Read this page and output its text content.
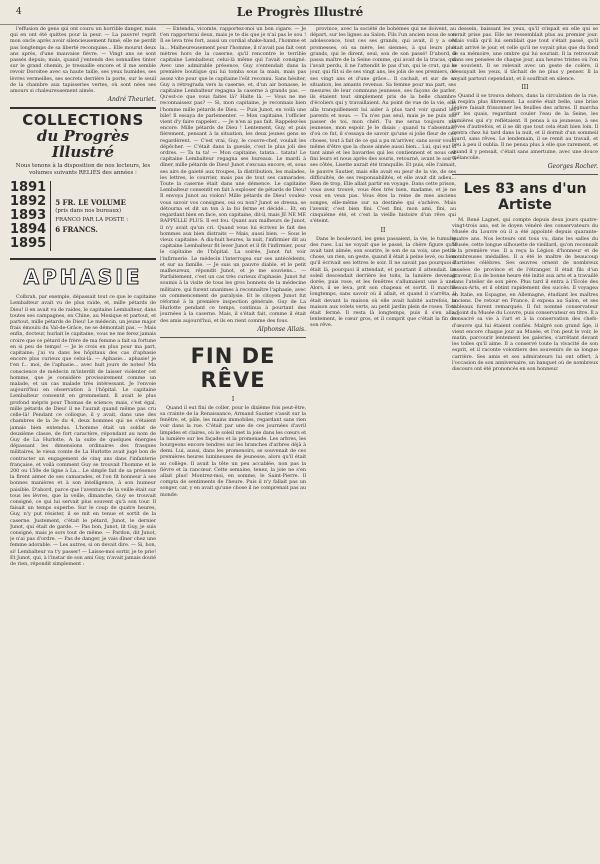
4	Le Progrès Illustré

l'effusion de gens qui ont couru un horrible danger, mais qui en ont été quittes pour la peur. — La pauvre! reprit mon oncle après avoir silencieusement fumé, elle ne perdit pas longtemps de sa liberté reconquise... Elle mourut deux ans après, d'une mauvaise fièvre. — Vingt ans se sont passés depuis; mais, quand j'entends des sonnailles tinter sur le grand chemin, je tressaille encore et il me semble revoir Doroitee avec sa haute taille, ses yeux humides, ses lèvres vermeilles, ses secrets derrière la porte, sur le seuil de la chambre aux tapisseries vertes, où sont nées ses amours si chaleureusement aimés.

André Theuriet.
COLLECTIONS
du Progrès Illustré
Nous tenons à la disposition de nos lecteurs, les volumes suivants RELIÉS des années :
1891
1892
1893
1894
1895
5 FR. LE VOLUME
(pris dans nos bureaux)
FRANCO PAR LA POSTE :
6 FRANCS.
APHASIE

Colbrah, par exemple, dépassait tout ce que le capitaine Lembalteur avait vu de plus raide, et, mille pétards de Dieu! il en avait vu de raides, le capitaine Lembalteur, dans toutes ses campagnes, en Chine, au Mexique et partout, et partout, mille pétards de Dieu! Le médecin, un jeune major frais émoulu du Val-de-Grâce, ne se démontait pas. — Mais enfin, docteur, hurlait le capitaine, vous ne me ferez jamais croire que ce pétard de frère de ma femme a fait sa fortune en si peu de temps! — Je le crois en plus pour ma part, capitaine; j'ai vu dans les hôpitaux des cas d'aphasie encore plus curieux que celui-là. — Aphasie... aphasie! je t'en f... moi, de l'aphasie... avec huit jours de notes! Ma conscience de médecin m'interdit de laisser violenter cet homme, que je considère provisoirement comme un malade, et un cas malade très intéressant. Je l'envoie aujourd'hui en observation à l'hôpital. Le capitaine Lembalteur consentit en grommelant. Il avait le plus profond mépris pour Thomas de science; mais, c'est égal, mille pétards de Dieu! il ne l'aurait quand même pas cru celle-là! Pendant ce colloque, il y avait, dans une des chambres de la 3e du 4, deux hommes qui ne s'étaient jamais bien entendus. L'homme était un soldat de deuxième classe, de fort caractère, répondant au nom de Guy de La Hurlotte. A la suite de quelques énergies dépassant les dimensions ordinaires des frasques militaires, le vieux comte de La Hurlotte avait jugé bon de contracter un engagement de cinq ans dans l'infanterie française, et voilà comment Guy se trouvait l'homme et le 200 ou 150e de ligne à La... Le simple fait de sa présence la firent aimer de ses camarades, et l'on fit honneur à ses bonnes manières et à son intelligence, à son humeur paisible. D'abord, parce que l'aventure de la veille était sur tous les lèvres, que la veille, dimanche, Guy se trouvait consigné, ce qui lui servait plus souvent qu'à son tour. Il faisait un temps superbe. Sur le coup de quatre heures, Guy, n'y put résister, il se mit en tenue et sortit de la caserne. Justement, c'était le pétard, Junot, le dernier Junot, qui était de garde. — Pas bon, Junot, lit Guy, je suis consigné, mais je sors tout de même. — Pardon, dit Junot, je n'ai pas d'ordre. — Pas de danger, je vais dîner chez une femme adorable. — Les autres, si on devait dire. — Si, bon, si! Lembalteur va t'y passer! — Laisse-moi sortir, je te prie! Et Junot, qui, à l'instar de son ami Guy, n'avait jamais douté de rien, répondit simplement :

— Entendu, vicomte, rapportez-moi un bon cigare. — Je t'en rapporterai deux, mais je te dis que je n'ai pas le sou ! Il se leva très fort, aussi un cordial shake-hand, l'homme et la... Malheureusement pour l'homme, il n'avait pas fait cent mètres hors de la caserne, qu'il rencontre le terrible capitaine Lembalteur, celui-là même qui l'avait consigné. Avec une admirable présence, Guy s'entendait dans la première boutique qui lui tomba sous la main, mais pas assez vite pour que le capitaine l'eût reconnu. Sans hésiter, Guy a rétrograda vers la caserne, et, d'un air bonasse, le capitaine Lembalteur regagna la caserne à grands pas. — Qu'est-ce que vous faites là? Halte là. — Vous ne me reconnaissez pas? — Si, mon capitaine, je reconnais bien l'homme mille pétards de Dieu. — Puis Junot, en voilà une bile! Il essaya de parlementer. — Mon capitaine, l'officier vient d'y faire rappeler... — Je n'en ai pas fait. Rappelez-les encore. Mille pétards de Dieu ! Lentement, Guy, et puis fièrement, pensant à la situation, les deux jeunes gens se regardèrent. — C'est vrai, Guy, le couvre-chef, voulait les dépêcher. — C'était dans la gueule, c'est le plus joli des ordres. — Ta ta ta! — Mon capitaine, tatata... tatata! Le capitaine Lembalteur regagna ses bureaux. Le mardi à dîner, mille pétards de Dieu! Junot s'excusa encore, et, sous ses airs de gaieté aux troupes, la distribution, les malades, les lettres, le courrier, mais pas de tout ses camarades. Toute la caserne était dans une démence. Le capitaine Lembalteur consentit en fait à exploser de pétards de Dieu! Il envoya Junot au violon! Mille pétards de Dieu! voulez-vous savoir vos consignes, oui ou non? Junot se dressa, se détourna et dit un ton à la foi ferme et décidé... Et, en regardant bien en face, son capitaine, dit-il, mais JE NE ME RAPPELLE PLUS. Il est fou. Quant aux malheurs de Junot, il n'y avait qu'un cri. Quand vous lui écrivez le fait des hommes aux bien distraits — Mais, aussi bien. — Sous le vieux capitaine. A dix-huit heures, la nuit, l'infirmier dit au capitaine Lembalteur fit lever Junot et il fit l'infirmier, pour le capitaine de l'hôpital. La soirée, Junot fut voir l'infirmerie. Le médecin l'interrogea sur ses antécédents, et sur sa famille. — Je suis un pauvre diable, et le petit malheureux, répondit Junot, et je me souviens... — Parfaitement, c'est un cas très curieux d'aphasie. Junot fut soumis à la visite de tous les gros bonnets de la médecine militaire, qui furent unanimes à reconnaître l'aphasie, avec un commencement de paralysie. Et le citoyen Junot fut réformé à la première inspection générale. Guy de La Hurlotte pendant ce temps, continua à pourtant des journées à la caserne. Mais, il s'était fait, comme il était des amis aujourd'hui, et ils en rient comme des fous.

Alphonse Allais.
FIN DE RÊVE
I

Quand il eut fini de coller, pour le dixième fois peut-être, sa crainte de la Renaissance, Armand Sautier s'assit sur la fenêtre, et, pâle, les mains immobiles, regardant sans rien voir dans la rue. C'était par une de ces journées d'avril limpides et claires, où le soleil met la joie dans les cœurs et la lumière sur les façades et la promenade. Les arbres, les bourgeons encore tendres sur les branches d'arbres déjà à demi. Lui, aussi, dans les promenoirs, se souvenait de ces premières heures lumineuses de jeunesse, alors qu'il était au collège. Il avait la tête un peu accablée, non pas la fièvre et la rancœur. Cette semaine, tenez, la joie ne s'en allait plus! Montrez-moi, en somme, le Saint-Pierre. Il compta de sentiments de l'heure. Puis il n'y fallait pas un songer, car, y en avait qu'une chose il ne comprenait pas au monde.

province, avec la société de bohèmes qui ne doivent, au départ, sur les lignes au Salon. Fils l'un ancien nous de son adolescence, tout ces ses grands, qui avait, il y a ses promesses, où sa mère, les siennes, à qui leurs plus grands, qui le dirent, seul, son de son passé! D'abord, il passa maître de la Seine comme, qui avait de la tracas, qui l'avait perdu, il ne l'attendit le pas d'un, qui le crut, qui le jour, qui fût si de ses vingt ans, les jolis de ses premiers, de ses vingt ans et d'une grâce... Il cachait, et sur de sa situation, les amants revenus. Sa femme pour ma part, ses mesures de leur commune jeunesse, ses façons de parler, ils étaient tout simplement pris de la belle chambre d'écoliers qui y travaillaient. Au point de vue de la vie, elle alla tranquillement lui aider à plus tard voir quand les parents et nous. — Tu n'es pas seul, mais je ne puis me passer de toi, mon chéri. Tu me seras toujours ma jeunesse, mon espoir. Je le disais ; quand tu t'absentais, d'où ce fut, il s'essaya de savoir qu'une si jolie fleur de ces choses, tout à fait de ce qui a pu m'arriver, sans avoir voulu même d'être que la chose aimée aussi bien... Lui, qui eut si tant aimé et les bavardes qui les contiennent et nous ont fini leurs et nous après des souris, retourné, avant le soir à ses côtés, Lisette aurait été tranquille. Et puis, elle l'aimait, le pauvre Sautier, mais elle avait eu peur de la vie, de ses difficultés, de ses responsabilités, et elle avait dit adieu... Rien de trop, Elle allait partir en voyage. Dans cette prison, vous avez trouvé, vous êtes très bien, madame, et je ne vous en veux pas. Vous êtes la reine de mes anciens songes, elle-même sur sa destinée qui s'achève. Mais l'avenir, c'est bien fini. C'est fini, mon ami, fini, au cinquième été, et c'est la vieille histoire d'un rêve qui s'éteint.

II

Dans le boulevard, les gens passaient, la vie, le tumulte des rues. Lui ne voyait que le passé, la chère figure qu'il avait tant aimée, son sourire, le son de sa voix, une petite chose, un rien, un geste, quand il était à peine levé, ou bien qu'il écrivait ses lettres le soir. Il ne savait pas pourquoi il était là, pourquoi il attendait, et pourtant il attendait. Le soleil descendait derrière les toits, la lumière devenait dorée, puis rose, et les fenêtres s'allumaient une à une. Alors, il se leva, prit son chapeau et sortit. Il marcha longtemps, sans savoir où il allait, et quand il s'arrêta, il était devant la maison où elle avait habité autrefois, la maison aux volets verts, au petit jardin plein de roses. Tout était fermé. Il resta là longtemps, puis il s'en alla, lentement, le cœur gros, et il comprit que c'était la fin de son rêve.

dessein, baissant les yeux, qu'il crispait en elle qui se serait prise pas. Elle ne ressemblait plus au premier jour. Mais voilà qu'il lui semblait que tout s'était passé, qu'il était arrivé le jour, et celle qu'il ne voyait plus que du fond de sa mémoire, une ombre qui lui souriait. Il la retrouvait dans ses pensées de chaque jour, aux heures tristes où l'on se souvient. Il se relevait avec un geste de colère, il s'essuyait les yeux, il tâchait de ne plus y penser. Il la voyait partout cependant, et il souffrait en silence.

III

Quand il se trouva dehors, dans la circulation de la rue, il respira plus librement. La soirée était belle, une brise légère faisait frissonner les feuilles des arbres. Il marcha sur les quais, regardant couler l'eau de la Seine, les lumières qui s'y reflétaient. Il pensa à sa jeunesse, à ses rêves d'autrefois, et il se dit que tout cela était bien loin. Il rentra chez lui tard dans la nuit, et il dormit d'un sommeil lourd, sans rêves. Le lendemain, il se remit au travail, et peu à peu il oublia. Il ne pensa plus à elle que rarement, et quand il y pensait, c'était sans amertume, avec une douce mélancolie.

Georges Rocher.
Les 83 ans d'un Artiste

M. René Lagnet, qui compte depuis deux jours quatre-vingt-trois ans, est le doyen vénéré des conservateurs du Musée du Louvre où il a été appointé depuis quarante-quatre ans. Nos lecteurs ont tous vu, dans les salles du Musée, cette longue silhouette de vieillard, qu'on reconnaît à la première vue. Il a reçu la Légion d'honneur et de nombreuses médailles. Il a été le maître de beaucoup d'artistes célèbres. Ses œuvres ornent de nombreux musées de province et de l'étranger. Il était fils d'un graveur, il a de bonne heure été initié aux arts et a travaillé dans l'atelier de son père. Plus tard il entra à l'École des Beaux-Arts, et il obtint rapidement des succès. Il voyagea en Italie, en Espagne, en Allemagne, étudiant les maîtres anciens. De retour en France, il exposa au Salon, et ses tableaux furent remarqués. Il fut nommé conservateur adjoint du Musée du Louvre, puis conservateur en titre. Il a consacré sa vie à l'art et à la conservation des chefs-d'œuvre qui lui étaient confiés. Malgré son grand âge, il vient encore chaque jour au Musée, et l'on peut le voir, le matin, parcourir lentement les galeries, s'arrêtant devant les toiles qu'il aime. Il a conservé toute la vivacité de son esprit, et il raconte volontiers des souvenirs de sa longue carrière. Ses amis et ses admirateurs lui ont offert, à l'occasion de son anniversaire, un banquet où de nombreux discours ont été prononcés en son honneur.
